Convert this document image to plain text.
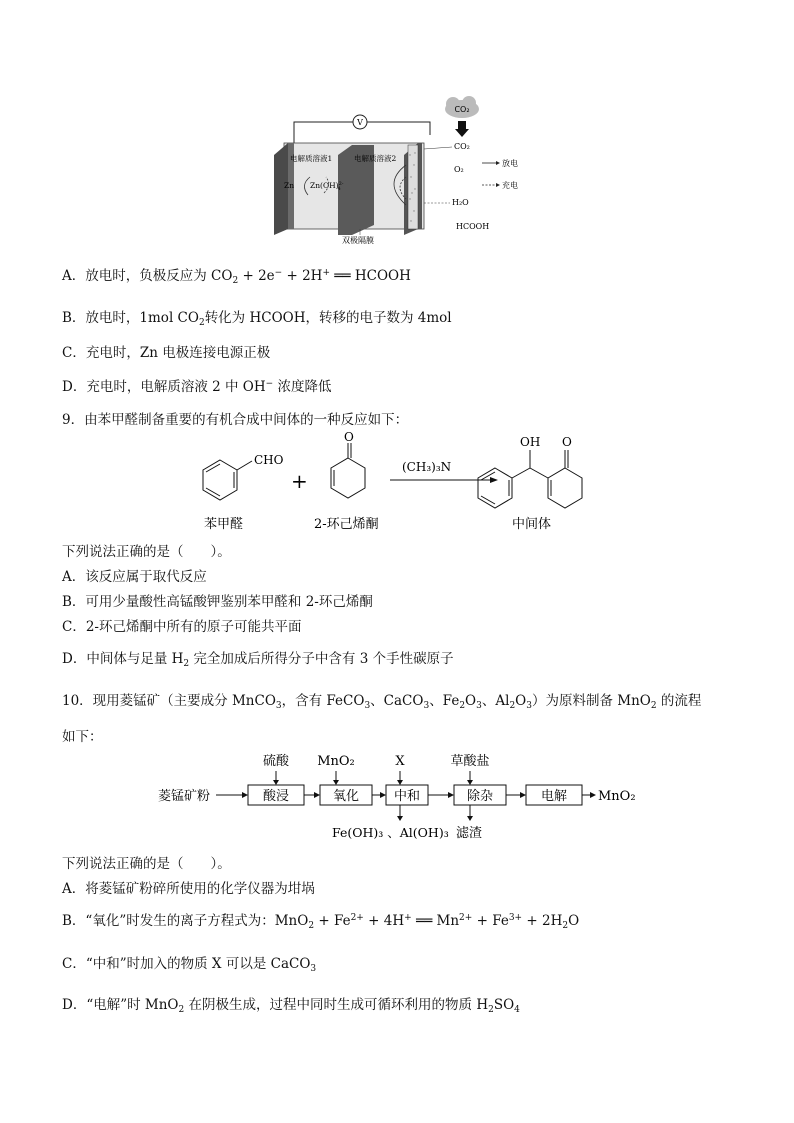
V
电解质溶液1	电解质溶液2
Zn Zn(OH)$^{2-}$4
CO₂
CO₂
O₂
H₂O
HCOOH
放电
充电
双极隔膜
A．放电时，负极反应为 $CO_2 + 2e^- + 2H^+$ ══ HCOOH
B．放电时，1mol $CO_2$转化为 HCOOH，转移的电子数为 4mol
C．充电时，Zn 电极连接电源正极
D．充电时，电解质溶液 2 中 OH− 浓度降低
9．由苯甲醛制备重要的有机合成中间体的一种反应如下：
CHO
+
O
(CH₃)₃N
OH O
苯甲醛	2-环己烯酮	中间体
下列说法正确的是（　　）。
A．该反应属于取代反应
B．可用少量酸性高锰酸钾鉴别苯甲醛和 2-环己烯酮
C．2-环己烯酮中所有的原子可能共平面
D．中间体与足量 $H_2$ 完全加成后所得分子中含有 3 个手性碳原子
10．现用菱锰矿（主要成分 MnCO$_3$，含有 FeCO$_3$、CaCO$_3$、$Fe_2O_3$、$Al_2O_3$）为原料制备 MnO$_2$ 的流程
如下：
菱锰矿粉	酸浸	氧化	中和	除杂	电解 MnO₂
硫酸 MnO₂	X	草酸盐
Fe(OH)₃ 、Al(OH)₃ 滤渣
下列说法正确的是（　　）。
A．将菱锰矿粉碎所使用的化学仪器为坩埚
B．“氧化”时发生的离子方程式为：$MnO_2 + Fe^{2+} + 4H^+$ ══ $Mn^{2+} + Fe^{3+} + 2H_2O$
C．“中和”时加入的物质 X 可以是 CaCO$_3$
D．“电解”时 MnO$_2$ 在阴极生成，过程中同时生成可循环利用的物质 $H_2SO_4$
